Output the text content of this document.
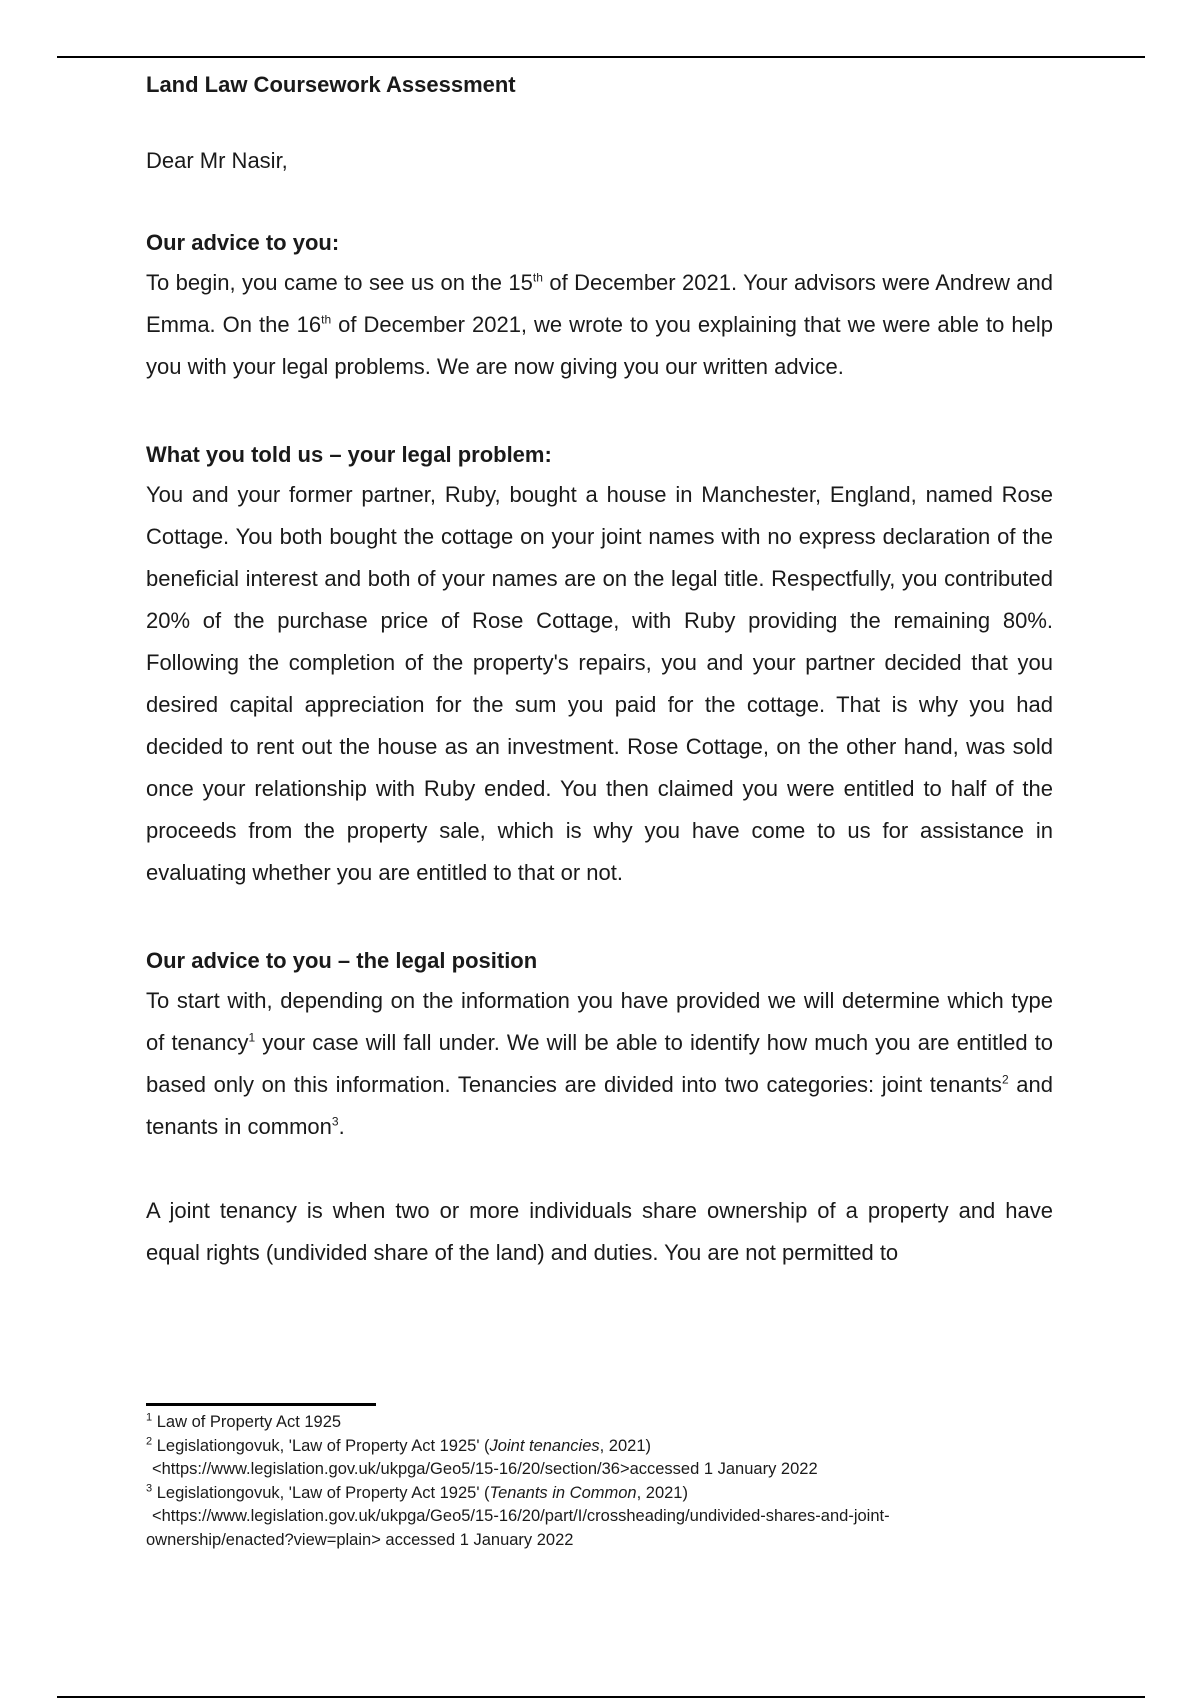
Land Law Coursework Assessment

Dear Mr Nasir,

Our advice to you:

To begin, you came to see us on the 15th of December 2021. Your advisors were Andrew and Emma. On the 16th of December 2021, we wrote to you explaining that we were able to help you with your legal problems. We are now giving you our written advice.

What you told us – your legal problem:

You and your former partner, Ruby, bought a house in Manchester, England, named Rose Cottage. You both bought the cottage on your joint names with no express declaration of the beneficial interest and both of your names are on the legal title. Respectfully, you contributed 20% of the purchase price of Rose Cottage, with Ruby providing the remaining 80%. Following the completion of the property's repairs, you and your partner decided that you desired capital appreciation for the sum you paid for the cottage. That is why you had decided to rent out the house as an investment. Rose Cottage, on the other hand, was sold once your relationship with Ruby ended. You then claimed you were entitled to half of the proceeds from the property sale, which is why you have come to us for assistance in evaluating whether you are entitled to that or not.

Our advice to you – the legal position

To start with, depending on the information you have provided we will determine which type of tenancy$^1$ your case will fall under. We will be able to identify how much you are entitled to based only on this information. Tenancies are divided into two categories: joint tenants$^2$ and tenants in common$^3$.

A joint tenancy is when two or more individuals share ownership of a property and have equal rights (undivided share of the land) and duties. You are not permitted to

$^1$ Law of Property Act 1925

$^2$ Legislationgovuk, 'Law of Property Act 1925' (Joint tenancies, 2021)

<https://www.legislation.gov.uk/ukpga/Geo5/15-16/20/section/36>accessed 1 January 2022

$^3$ Legislationgovuk, 'Law of Property Act 1925' (Tenants in Common, 2021)

<https://www.legislation.gov.uk/ukpga/Geo5/15-16/20/part/I/crossheading/undivided-shares-and-joint-

ownership/enacted?view=plain> accessed 1 January 2022
